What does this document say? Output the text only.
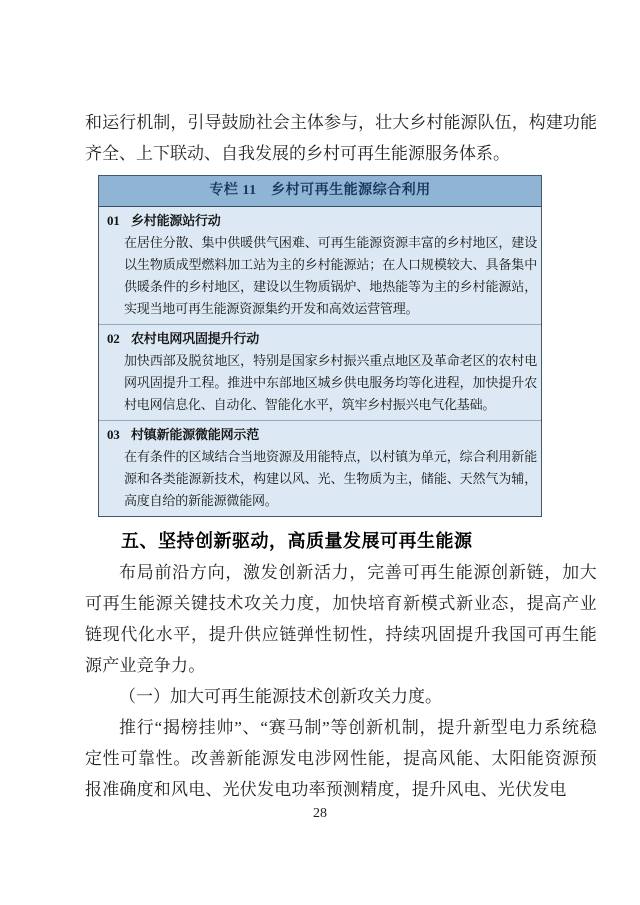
和运行机制，引导鼓励社会主体参与，壮大乡村能源队伍，构建功能齐全、上下联动、自我发展的乡村可再生能源服务体系。

专栏 11　乡村可再生能源综合利用
01 乡村能源站行动
在居住分散、集中供暖供气困难、可再生能源资源丰富的乡村地区，建设以生物质成型燃料加工站为主的乡村能源站；在人口规模较大、具备集中供暖条件的乡村地区，建设以生物质锅炉、地热能等为主的乡村能源站，实现当地可再生能源资源集约开发和高效运营管理。
02 农村电网巩固提升行动
加快西部及脱贫地区，特别是国家乡村振兴重点地区及革命老区的农村电网巩固提升工程。推进中东部地区城乡供电服务均等化进程，加快提升农村电网信息化、自动化、智能化水平，筑牢乡村振兴电气化基础。
03 村镇新能源微能网示范
在有条件的区域结合当地资源及用能特点，以村镇为单元，综合利用新能源和各类能源新技术，构建以风、光、生物质为主，储能、天然气为辅，高度自给的新能源微能网。
五、坚持创新驱动，高质量发展可再生能源

布局前沿方向，激发创新活力，完善可再生能源创新链，加大可再生能源关键技术攻关力度，加快培育新模式新业态，提高产业链现代化水平，提升供应链弹性韧性，持续巩固提升我国可再生能源产业竞争力。

（一）加大可再生能源技术创新攻关力度。

推行“揭榜挂帅”、“赛马制”等创新机制，提升新型电力系统稳定性可靠性。改善新能源发电涉网性能，提高风能、太阳能资源预报准确度和风电、光伏发电功率预测精度，提升风电、光伏发电

28
